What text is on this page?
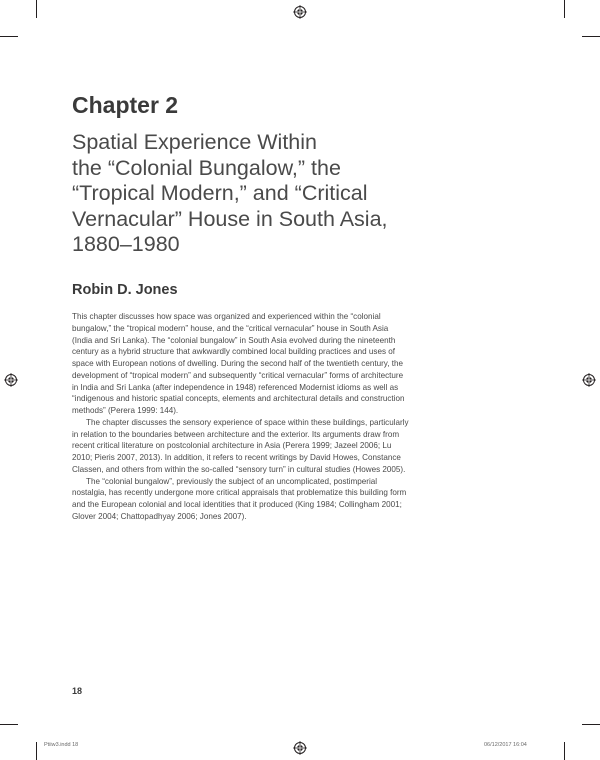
Chapter 2
Spatial Experience Within
the “Colonial Bungalow,” the
“Tropical Modern,” and “Critical
Vernacular” House in South Asia,
1880–1980
Robin D. Jones

This chapter discusses how space was organized and experienced within the “colonial bungalow,” the “tropical modern” house, and the “critical vernacular” house in South Asia (India and Sri Lanka). The “colonial bungalow” in South Asia evolved during the nineteenth century as a hybrid structure that awkwardly combined local building practices and uses of space with European notions of dwelling. During the second half of the twentieth century, the development of “tropical modern” and subsequently “critical vernacular” forms of architecture in India and Sri Lanka (after independence in 1948) referenced Modernist idioms as well as “indigenous and historic spatial concepts, elements and architectural details and construction methods” (Perera 1999: 144).

The chapter discusses the sensory experience of space within these buildings, particularly in relation to the boundaries between architecture and the exterior. Its arguments draw from recent critical literature on postcolonial architecture in Asia (Perera 1999; Jazeel 2006; Lu 2010; Pieris 2007, 2013). In addition, it refers to recent writings by David Howes, Constance Classen, and others from within the so-called “sensory turn” in cultural studies (Howes 2005).

The “colonial bungalow”, previously the subject of an uncomplicated, postimperial nostalgia, has recently undergone more critical appraisals that problematize this building form and the European colonial and local identities that it produced (King 1984; Collingham 2001; Glover 2004; Chattopadhyay 2006; Jones 2007).

18
Ptiiw3.indd 18	06/12/2017 16:04
